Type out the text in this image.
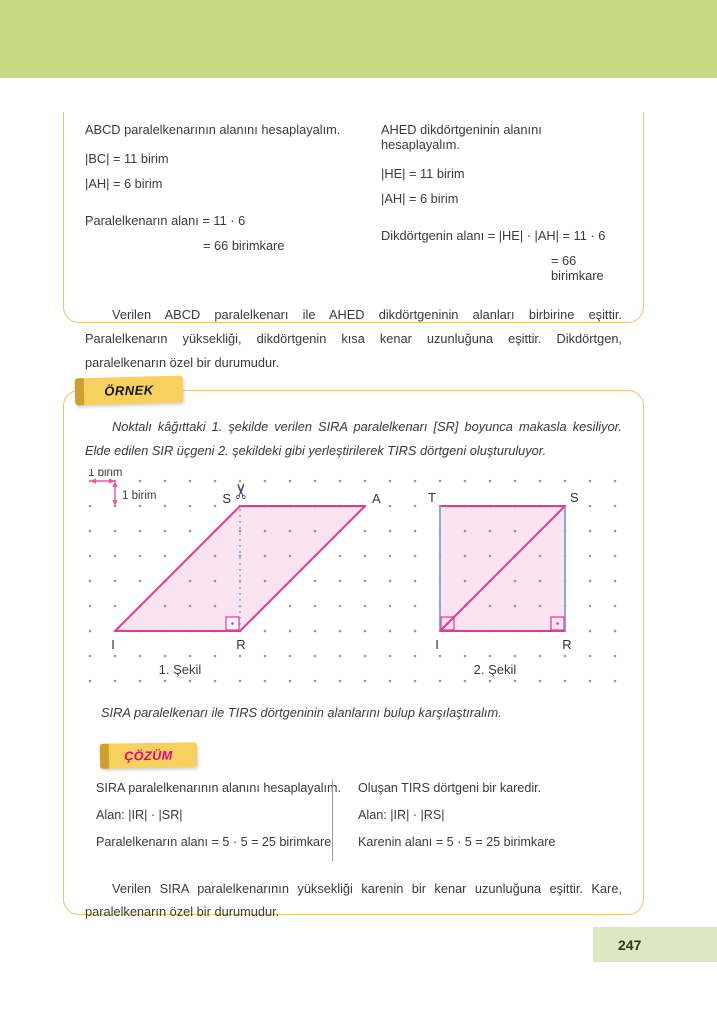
ABCD paralelkenarının alanını hesaplayalım.
|BC| = 11 birim
|AH| = 6 birim
Paralelkenarın alanı = 11 · 6
= 66 birimkare
AHED dikdörtgeninin alanını hesaplayalım.
|HE| = 11 birim
|AH| = 6 birim
Dikdörtgenin alanı = |HE| · |AH| = 11 · 6
= 66 birimkare
Verilen ABCD paralelkenarı ile AHED dikdörtgeninin alanları birbirine eşittir. Paralelkenarın yüksekliği, dikdörtgenin kısa kenar uzunluğuna eşittir. Dikdörtgen, paralelkenarın özel bir durumudur.
ÖRNEK
Noktalı kâğıttaki 1. şekilde verilen SIRA paralelkenarı [SR] boyunca makasla kesiliyor. Elde edilen SIR üçgeni 2. şekildeki gibi yerleştirilerek TIRS dörtgeni oluşturuluyor.
1 birim
1 birim	✂
S	A
I	R
1. Şekil
T	S
I	R
2. Şekil
SIRA paralelkenarı ile TIRS dörtgeninin alanlarını bulup karşılaştıralım.
ÇÖZÜM
SIRA paralelkenarının alanını hesaplayalım.
Alan: |IR| · |SR|
Paralelkenarın alanı = 5 · 5 = 25 birimkare
Oluşan TIRS dörtgeni bir karedir.
Alan: |IR| · |RS|
Karenin alanı = 5 · 5 = 25 birimkare
Verilen SIRA paralelkenarının yüksekliği karenin bir kenar uzunluğuna eşittir. Kare, paralelkenarın özel bir durumudur.
247
